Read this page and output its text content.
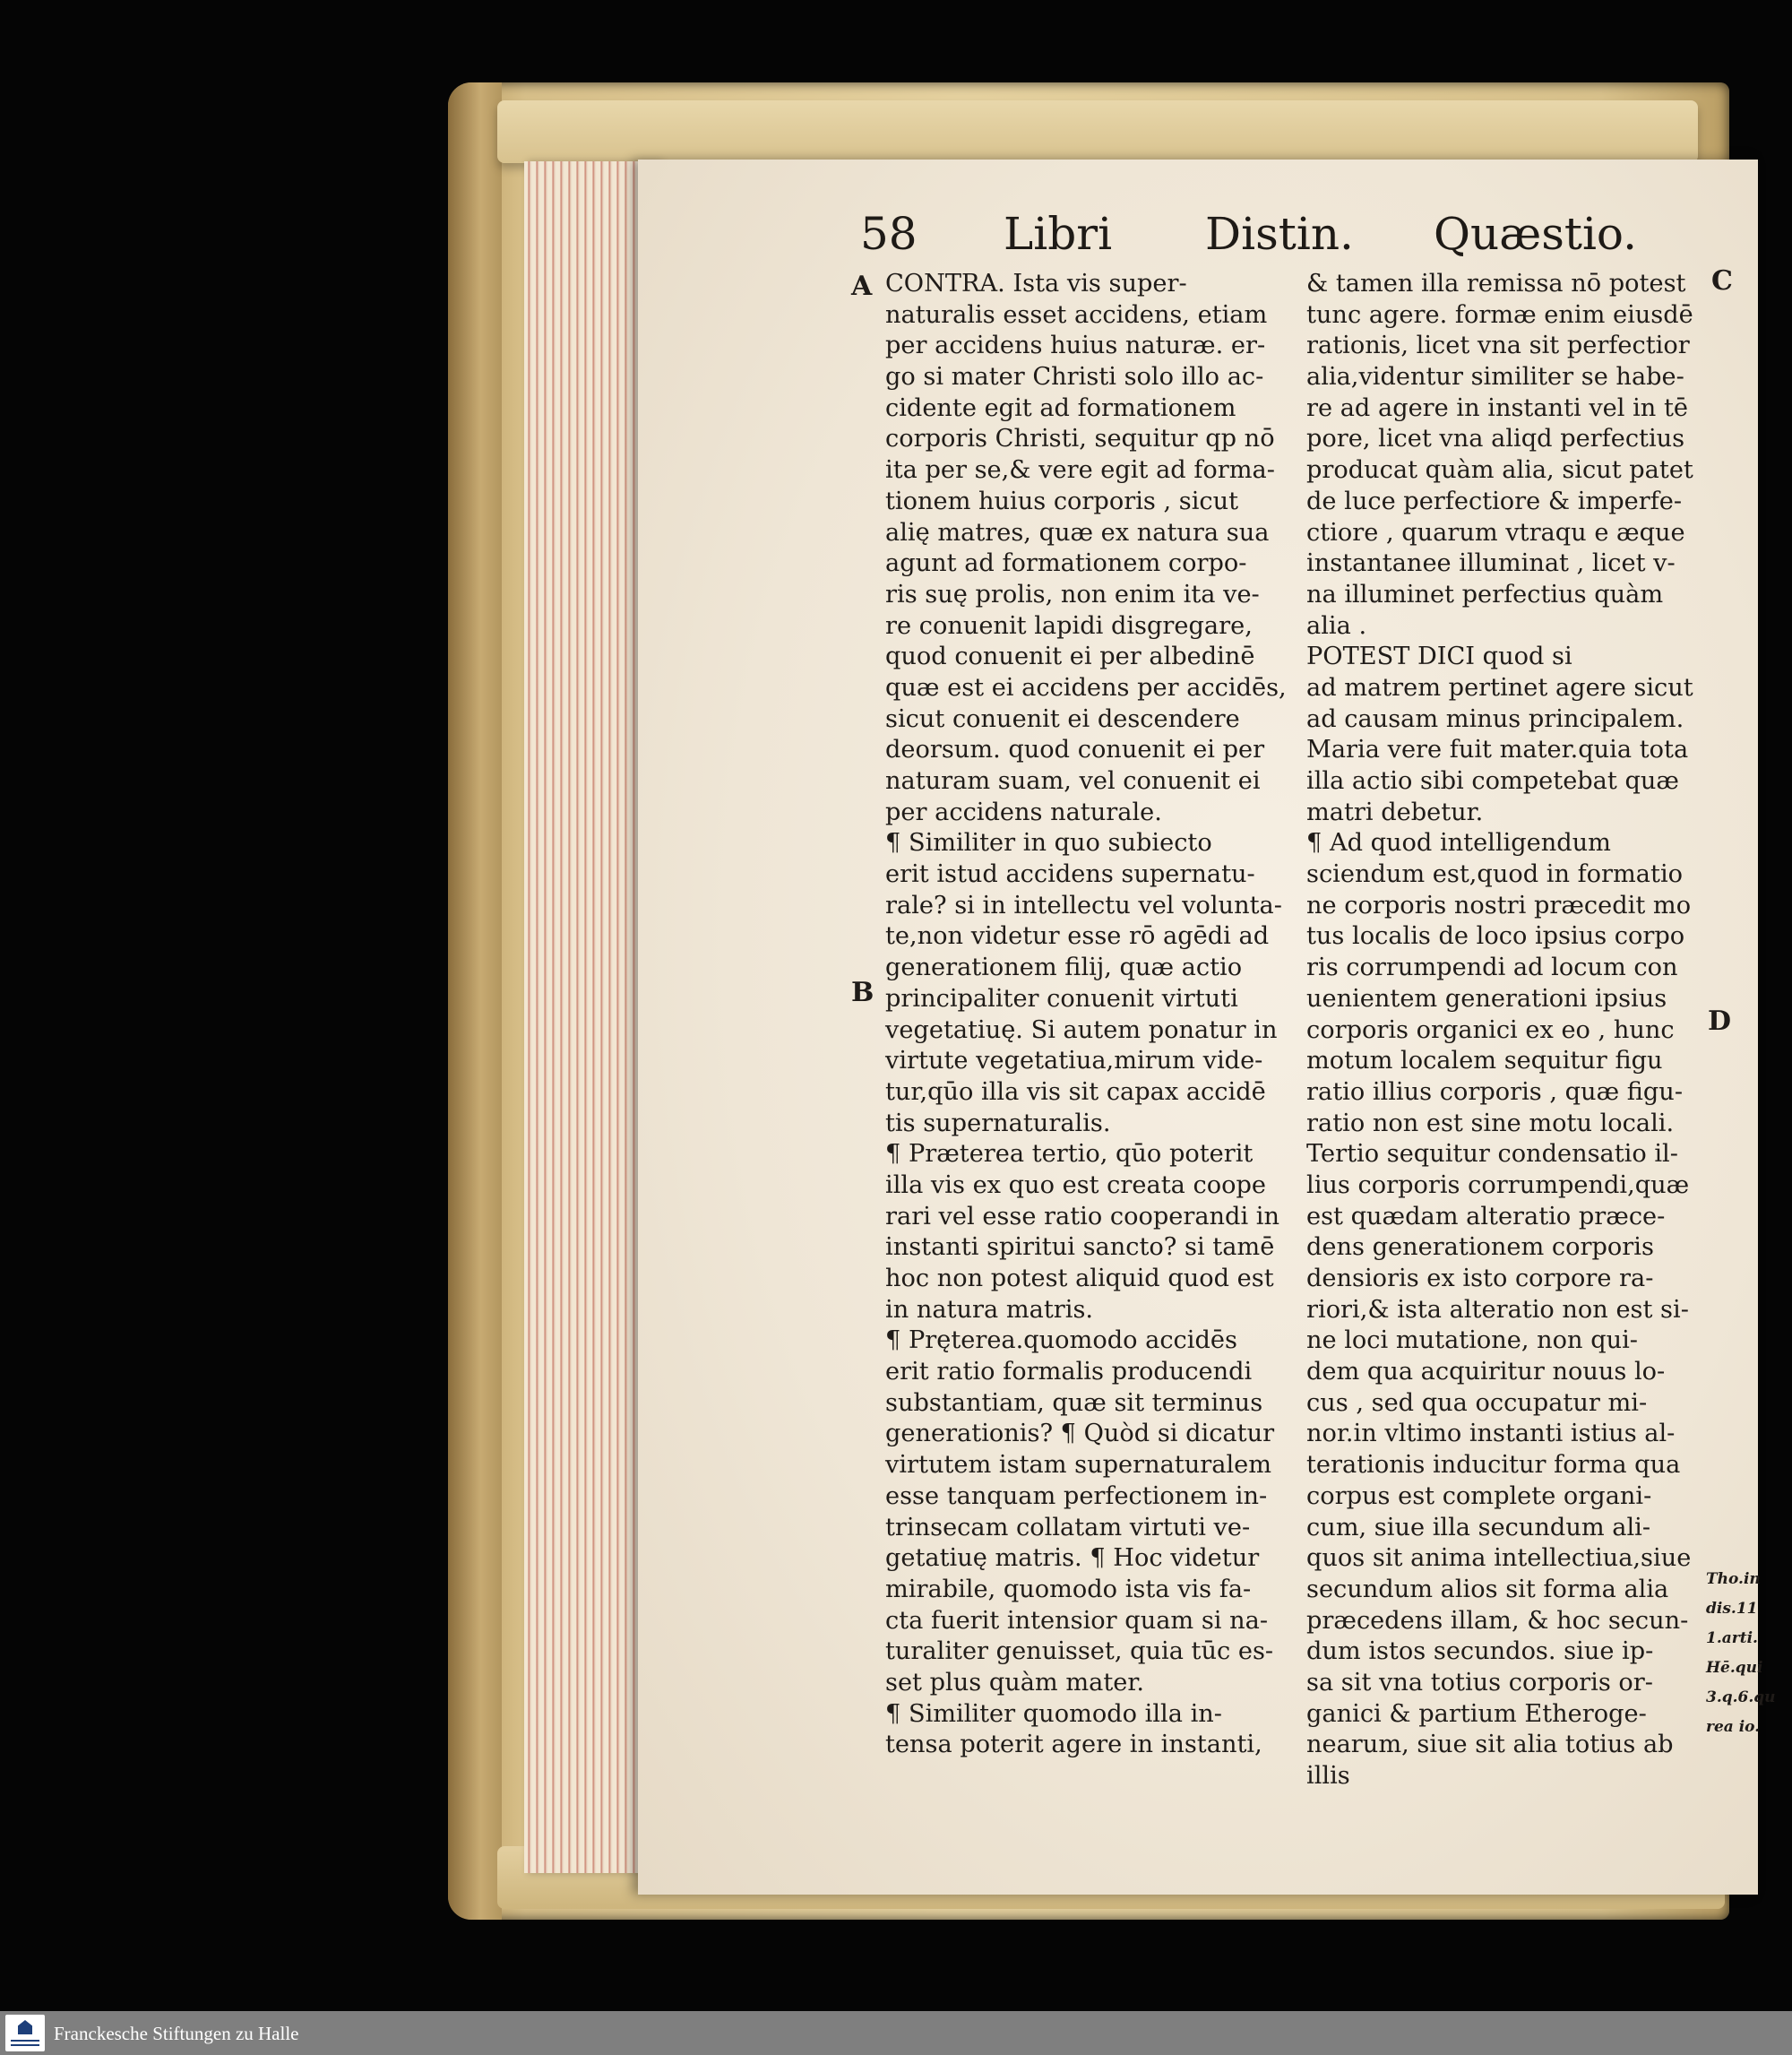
58 Libri Distin. Quæstio.
A
B
C
D
CONTRA. Ista vis super-
naturalis esset accidens, etiam
per accidens huius naturæ. er-
go si mater Christi solo illo ac-
cidente egit ad formationem
corporis Christi, sequitur qp nō
ita per se,& vere egit ad forma-
tionem huius corporis , sicut
alię matres, quæ ex natura sua
agunt ad formationem corpo-
ris suę prolis, non enim ita ve-
re conuenit lapidi disgregare,
quod conuenit ei per albedinē
quæ est ei accidens per accidēs,
sicut conuenit ei descendere
deorsum. quod conuenit ei per
naturam suam, vel conuenit ei
per accidens naturale.
¶ Similiter in quo subiecto
erit istud accidens supernatu-
rale? si in intellectu vel volunta-
te,non videtur esse rō agēdi ad
generationem filij, quæ actio
principaliter conuenit virtuti
vegetatiuę. Si autem ponatur in
virtute vegetatiua,mirum vide-
tur,qūo illa vis sit capax accidē
tis supernaturalis.
¶ Præterea tertio, qūo poterit
illa vis ex quo est creata coope
rari vel esse ratio cooperandi in
instanti spiritui sancto? si tamē
hoc non potest aliquid quod est
in natura matris.
¶ Pręterea.quomodo accidēs
erit ratio formalis producendi
substantiam, quæ sit terminus
generationis? ¶ Quòd si dicatur
virtutem istam supernaturalem
esse tanquam perfectionem in-
trinsecam collatam virtuti ve-
getatiuę matris. ¶ Hoc videtur
mirabile, quomodo ista vis fa-
cta fuerit intensior quam si na-
turaliter genuisset, quia tūc es-
set plus quàm mater.
¶ Similiter quomodo illa in-
tensa poterit agere in instanti,
& tamen illa remissa nō potest
tunc agere. formæ enim eiusdē
rationis, licet vna sit perfectior
alia,videntur similiter se habe-
re ad agere in instanti vel in tē
pore, licet vna aliqd perfectius
producat quàm alia, sicut patet
de luce perfectiore & imperfe-
ctiore , quarum vtraqu e æque
instantanee illuminat , licet v-
na illuminet perfectius quàm
alia .
POTEST DICI quod si
ad matrem pertinet agere sicut
ad causam minus principalem.
Maria vere fuit mater.quia tota
illa actio sibi competebat quæ
matri debetur.
¶ Ad quod intelligendum
sciendum est,quod in formatio
ne corporis nostri præcedit mo
tus localis de loco ipsius corpo
ris corrumpendi ad locum con
uenientem generationi ipsius
corporis organici ex eo , hunc
motum localem sequitur figu
ratio illius corporis , quæ figu-
ratio non est sine motu locali.
Tertio sequitur condensatio il-
lius corporis corrumpendi,quæ
est quædam alteratio præce-
dens generationem corporis
densioris ex isto corpore ra-
riori,& ista alteratio non est si-
ne loci mutatione, non qui-
dem qua acquiritur nouus lo-
cus , sed qua occupatur mi-
nor.in vltimo instanti istius al-
terationis inducitur forma qua
corpus est complete organi-
cum, siue illa secundum ali-
quos sit anima intellectiua,siue
secundum alios sit forma alia
præcedens illam, & hoc secun-
dum istos secundos. siue ip-
sa sit vna totius corporis or-
ganici & partium Etheroge-
nearum, siue sit alia totius ab
illis
Tho.in
dis.11
1.arti.
Hē.qui
3.q.6.qu
rea io.
Franckesche Stiftungen zu Halle
